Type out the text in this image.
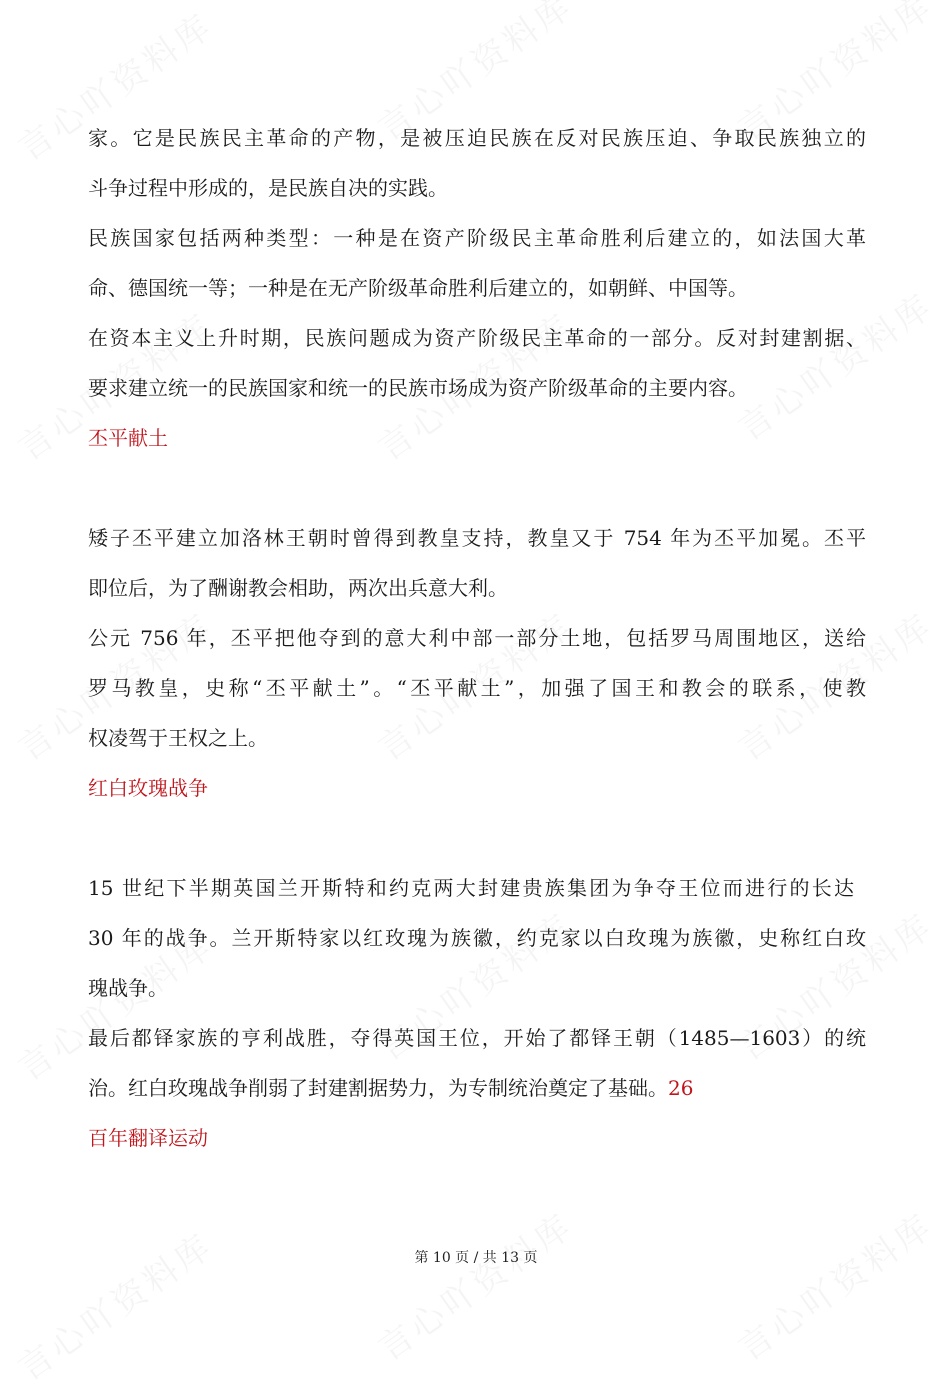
家。它是民族民主革命的产物，是被压迫民族在反对民族压迫、争取民族独立的
斗争过程中形成的，是民族自决的实践。
民族国家包括两种类型：一种是在资产阶级民主革命胜利后建立的，如法国大革
命、德国统一等；一种是在无产阶级革命胜利后建立的，如朝鲜、中国等。
在资本主义上升时期，民族问题成为资产阶级民主革命的一部分。反对封建割据、
要求建立统一的民族国家和统一的民族市场成为资产阶级革命的主要内容。
丕平献土
矮子丕平建立加洛林王朝时曾得到教皇支持，教皇又于 754 年为丕平加冕。丕平
即位后，为了酬谢教会相助，两次出兵意大利。
公元 756 年，丕平把他夺到的意大利中部一部分土地，包括罗马周围地区，送给
罗马教皇，史称“丕平献土”。“丕平献土”，加强了国王和教会的联系，使教
权凌驾于王权之上。
红白玫瑰战争
15 世纪下半期英国兰开斯特和约克两大封建贵族集团为争夺王位而进行的长达
30 年的战争。兰开斯特家以红玫瑰为族徽，约克家以白玫瑰为族徽，史称红白玫
瑰战争。
最后都铎家族的亨利战胜，夺得英国王位，开始了都铎王朝（1485—1603）的统
治。红白玫瑰战争削弱了封建割据势力，为专制统治奠定了基础。26
百年翻译运动
第 10 页 / 共 13 页
